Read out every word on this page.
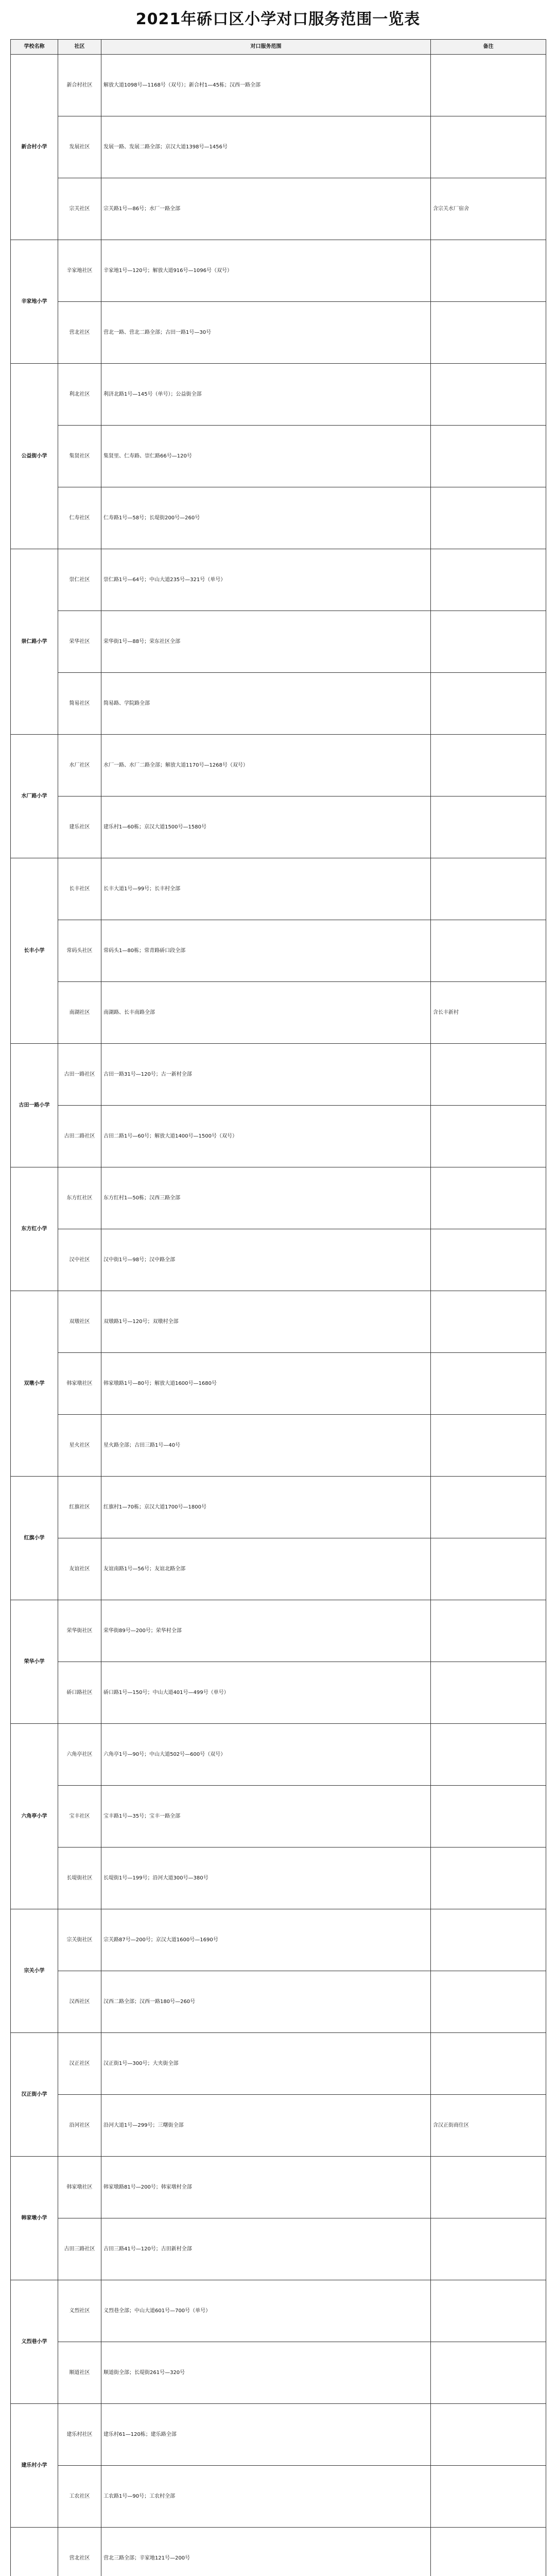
2021年硚口区小学对口服务范围一览表
学校名称	社区	对口服务范围	备注
新合村小学	新合村社区	解放大道1098号—1168号（双号）；新合村1—45栋；汉西一路全部	
	发展社区	发展一路、发展二路全部；京汉大道1398号—1456号	
	宗关社区	宗关路1号—86号；水厂一路全部	含宗关水厂宿舍
辛家地小学	辛家地社区	辛家地1号—120号；解放大道916号—1096号（双号）	
	营北社区	营北一路、营北二路全部；古田一路1号—30号	
公益街小学	利北社区	利济北路1号—145号（单号）；公益街全部	
	集贤社区	集贤里、仁寿路、崇仁路66号—120号	
	仁寿社区	仁寿路1号—58号；长堤街200号—260号	
崇仁路小学	崇仁社区	崇仁路1号—64号；中山大道235号—321号（单号）	
	荣华社区	荣华街1号—88号；荣东社区全部	
	简易社区	简易路、学院路全部	
水厂路小学	水厂社区	水厂一路、水厂二路全部；解放大道1170号—1268号（双号）	
	建乐社区	建乐村1—60栋；京汉大道1500号—1580号	
长丰小学	长丰社区	长丰大道1号—99号；长丰村全部	
	常码头社区	常码头1—80栋；常青路硚口段全部	
	南湖社区	南湖路、长丰南路全部	含长丰新村
古田一路小学	古田一路社区	古田一路31号—120号；古一新村全部	
	古田二路社区	古田二路1号—60号；解放大道1400号—1500号（双号）	
东方红小学	东方红社区	东方红村1—50栋；汉西三路全部	
	汉中社区	汉中街1号—98号；汉中路全部	
双墩小学	双墩社区	双墩路1号—120号；双墩村全部	
	韩家墩社区	韩家墩路1号—80号；解放大道1600号—1680号	
	星火社区	星火路全部；古田三路1号—40号	
红旗小学	红旗社区	红旗村1—70栋；京汉大道1700号—1800号	
	友谊社区	友谊南路1号—56号；友谊北路全部	
荣华小学	荣华街社区	荣华街89号—200号；荣华村全部	
	硚口路社区	硚口路1号—150号；中山大道401号—499号（单号）	
六角亭小学	六角亭社区	六角亭1号—90号；中山大道502号—600号（双号）	
	宝丰社区	宝丰路1号—35号；宝丰一路全部	
	长堤街社区	长堤街1号—199号；沿河大道300号—380号	
宗关小学	宗关街社区	宗关路87号—200号；京汉大道1600号—1690号	
	汉西社区	汉西二路全部；汉西一路180号—260号	
汉正街小学	汉正社区	汉正街1号—300号；大夹街全部	
	沿河社区	沿河大道1号—299号；三曙街全部	含汉正街商住区
韩家墩小学	韩家墩社区	韩家墩路81号—200号；韩家墩村全部	
	古田三路社区	古田三路41号—120号；古田新村全部	
义烈巷小学	义烈社区	义烈巷全部；中山大道601号—700号（单号）	
	顺道社区	顺道街全部；长堤街261号—320号	
建乐村小学	建乐村社区	建乐村61—120栋；建乐路全部	
	工农社区	工农路1号—90号；工农村全部	
	营北社区	营北三路全部；辛家地121号—200号	
